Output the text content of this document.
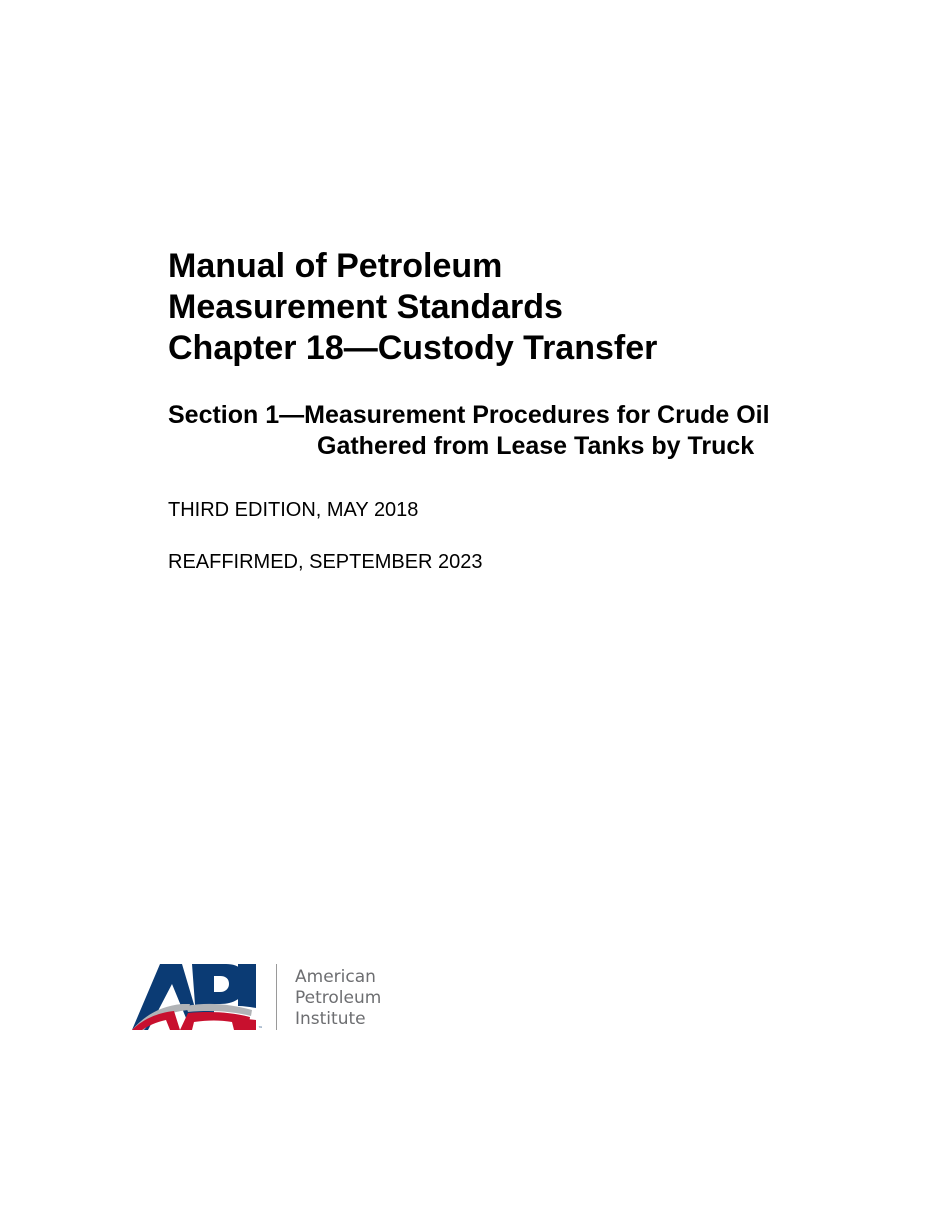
Manual of Petroleum
Measurement Standards
Chapter 18—Custody Transfer
Section 1—Measurement Procedures for Crude Oil
Gathered from Lease Tanks by Truck
THIRD EDITION, MAY 2018
REAFFIRMED, SEPTEMBER 2023
™
American
Petroleum
Institute
